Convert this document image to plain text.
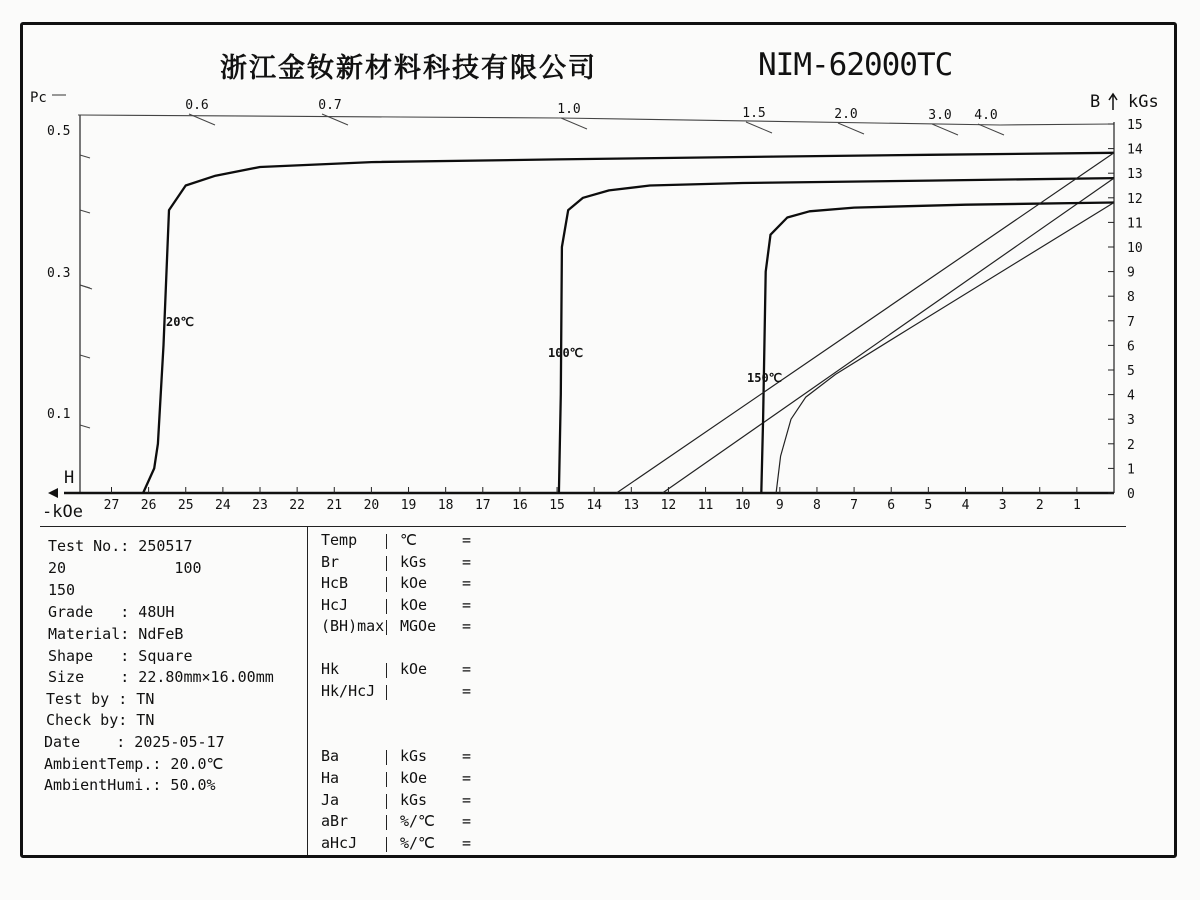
浙江金钕新材料科技有限公司	NIM-62000TC
0
1
2
3
4
5
6
7
8
9
10
11
12
13
14
15
27 26 25 24 23 22 21 20 19 18 17 16 15 14 13 12 11 10 9 8 7 6 5 4 3 2 1
0.1
0.3
0.5
0.6	0.7	1.0	1.5	2.0	3.0 4.0
Pc	B kGs
H
-kOe
20℃
100℃
150℃
Test No.: 250517
20            100
150
Grade   : 48UH
Material: NdFeB
Shape   : Square
Size    : 22.80mm×16.00mm
Test by : TN
Check by: TN
Date    : 2025-05-17
AmbientTemp.: 20.0℃
AmbientHumi.: 50.0%
Temp	℃	=
Br	kGs =
HcB	kOe =
HcJ	kOe =
(BH)max MGOe =
Hk	kOe =
Hk/HcJ	=
Ba	kGs =
Ha	kOe =
Ja	kGs =
aBr	%/℃ =
aHcJ	%/℃ =
